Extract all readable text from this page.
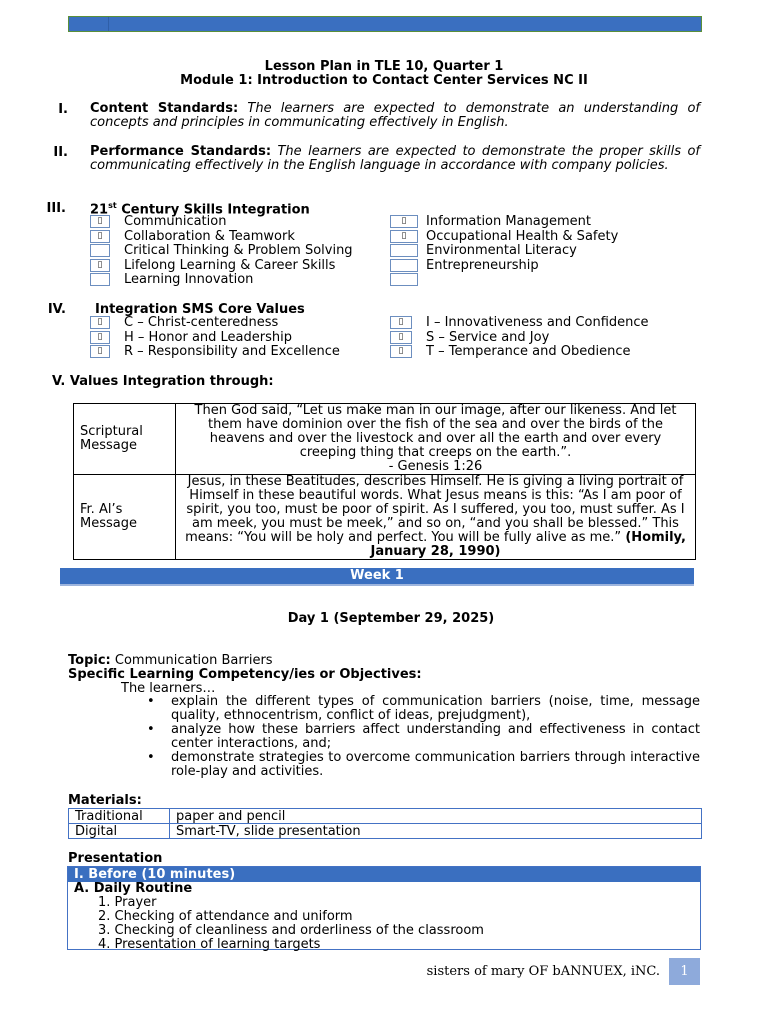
Lesson Plan in TLE 10, Quarter 1
Module 1: Introduction to Contact Center Services NC II
I. Content Standards: The learners are expected to demonstrate an understanding of concepts and principles in communicating effectively in English.
II. Performance Standards: The learners are expected to demonstrate the proper skills of communicating effectively in the English language in accordance with company policies.
III. 21st Century Skills Integration
▯ Communication
▯ Collaboration & Teamwork
Critical Thinking & Problem Solving
▯ Lifelong Learning & Career Skills
Learning Innovation
▯ Information Management
▯ Occupational Health & Safety
Environmental Literacy
Entrepreneurship
IV. Integration SMS Core Values
▯ C – Christ-centeredness
▯ H – Honor and Leadership
▯ R – Responsibility and Excellence
▯ I – Innovativeness and Confidence
▯ S – Service and Joy
▯ T – Temperance and Obedience
V. Values Integration through:
Scriptural Message	Then God said, “Let us make man in our image, after our likeness. And let them have dominion over the fish of the sea and over the birds of the heavens and over the livestock and over all the earth and over every creeping thing that creeps on the earth.”.
- Genesis 1:26

Fr. Al’s Message	Jesus, in these Beatitudes, describes Himself. He is giving a living portrait of Himself in these beautiful words. What Jesus means is this: “As I am poor of spirit, you too, must be poor of spirit. As I suffered, you too, must suffer. As I am meek, you must be meek,” and so on, “and you shall be blessed.” This means: “You will be holy and perfect. You will be fully alive as me.” (Homily, January 28, 1990)
Week 1
Day 1 (September 29, 2025)
Topic: Communication Barriers
Specific Learning Competency/ies or Objectives:
The learners…
• explain the different types of communication barriers (noise, time, message quality, ethnocentrism, conflict of ideas, prejudgment),
• analyze how these barriers affect understanding and effectiveness in contact center interactions, and;
• demonstrate strategies to overcome communication barriers through interactive role-play and activities.
Materials:
Traditional	paper and pencil
Digital	Smart-TV, slide presentation
Presentation
I. Before (10 minutes)
A. Daily Routine
1. Prayer
2. Checking of attendance and uniform
3. Checking of cleanliness and orderliness of the classroom
4. Presentation of learning targets
sisters of mary OF bANNUEX, iNC.	1
